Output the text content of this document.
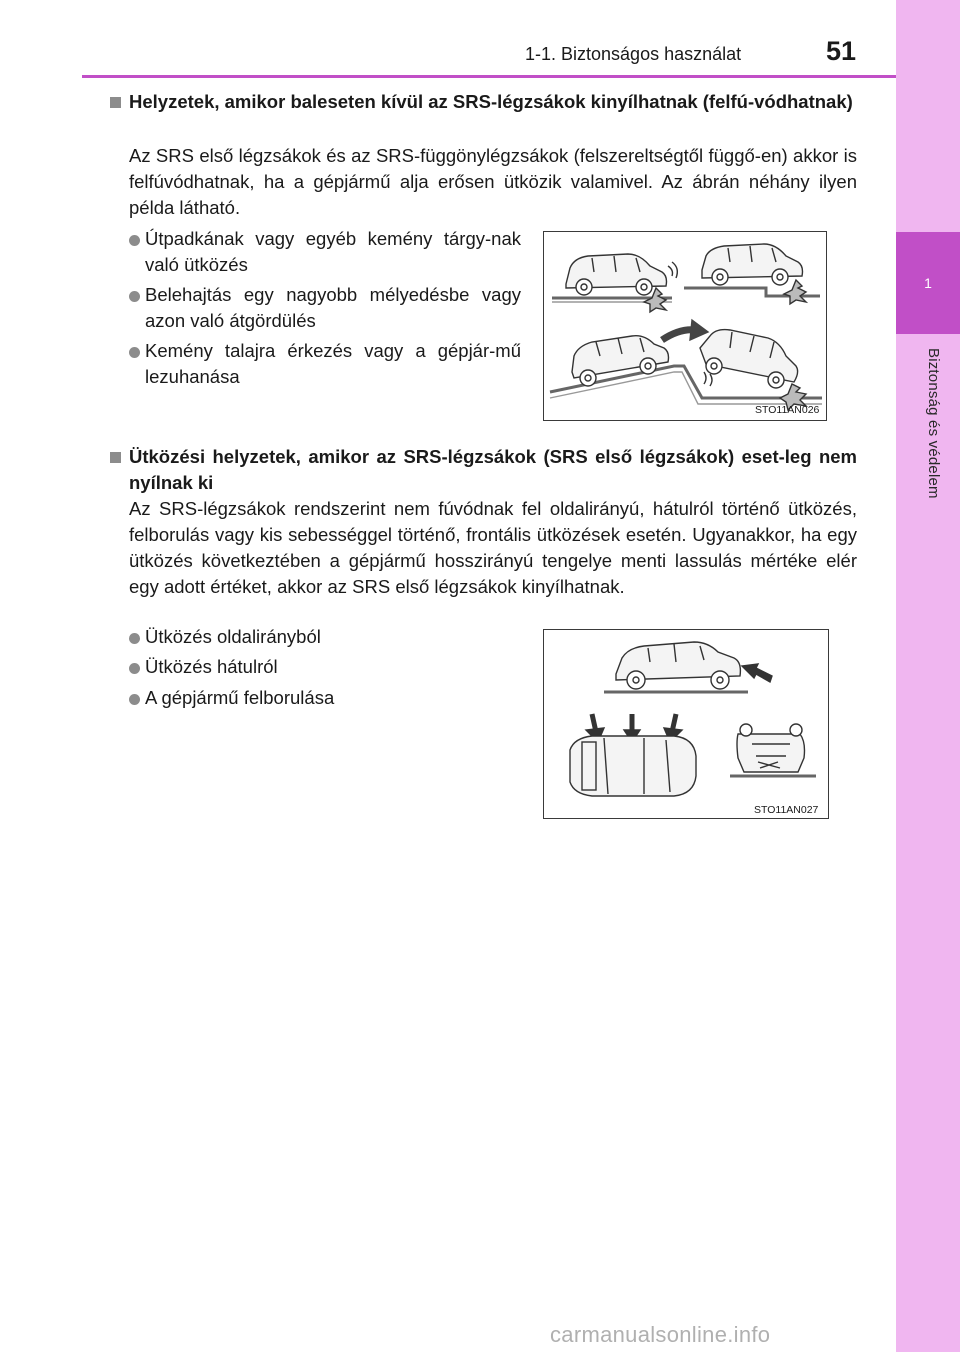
1-1. Biztonságos használat	51
1
Biztonság és védelem
Helyzetek, amikor baleseten kívül az SRS-légzsákok kinyílhatnak (felfú-vódhatnak)
Az SRS első légzsákok és az SRS-függönylégzsákok (felszereltségtől függő-en) akkor is felfúvódhatnak, ha a gépjármű alja erősen ütközik valamivel. Az ábrán néhány ilyen példa látható.
Útpadkának vagy egyéb kemény tárgy-nak való ütközés
Belehajtás egy nagyobb mélyedésbe vagy azon való átgördülés
Kemény talajra érkezés vagy a gépjár-mű lezuhanása
STO11AN026
Ütközési helyzetek, amikor az SRS-légzsákok (SRS első légzsákok) eset-leg nem nyílnak ki
Az SRS-légzsákok rendszerint nem fúvódnak fel oldalirányú, hátulról történő ütközés, felborulás vagy kis sebességgel történő, frontális ütközések esetén. Ugyanakkor, ha egy ütközés következtében a gépjármű hosszirányú tengelye menti lassulás mértéke elér egy adott értéket, akkor az SRS első légzsákok kinyílhatnak.
Ütközés oldalirányból
Ütközés hátulról
A gépjármű felborulása
STO11AN027
carmanualsonline.info
